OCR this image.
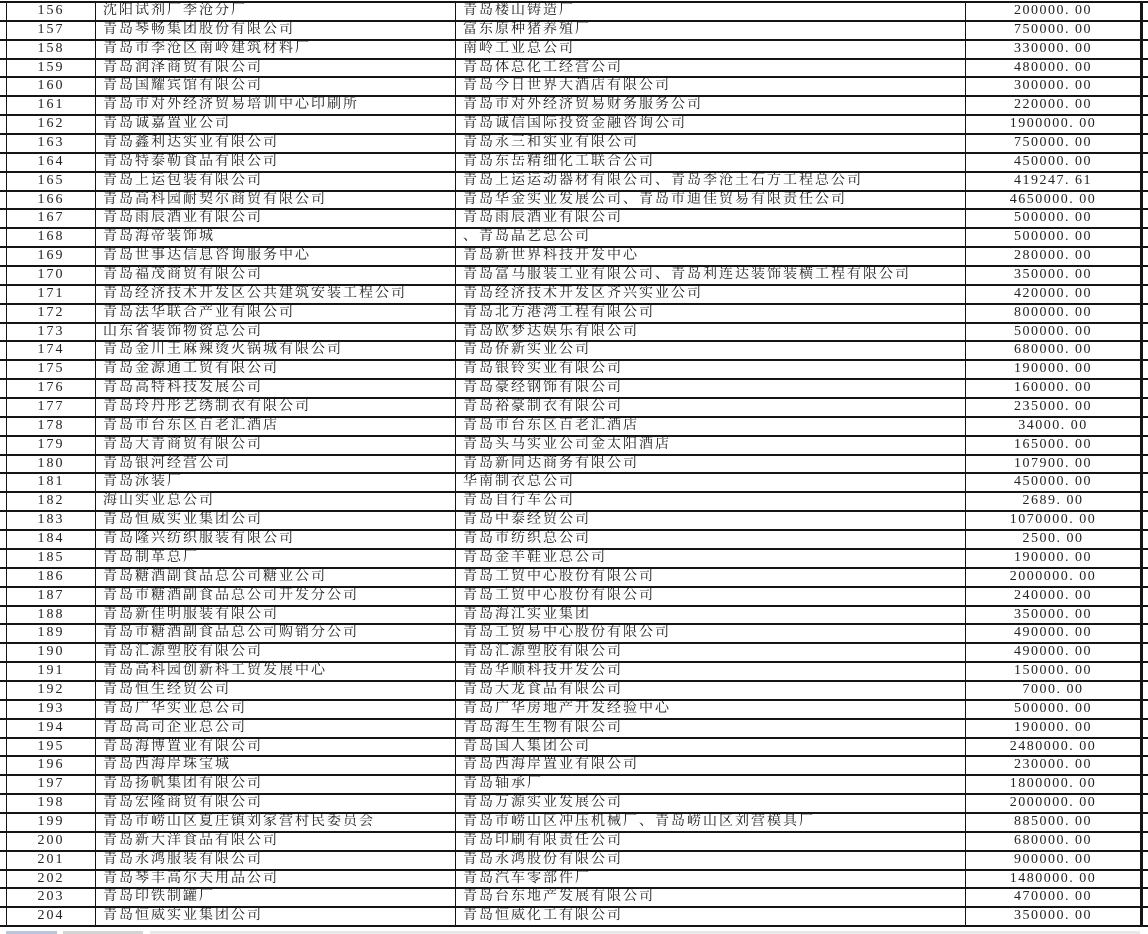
156	沈阳试剂厂李沧分厂	青岛楼山铸造厂	200000. 00
157	青岛琴畅集团股份有限公司	富东原种猪养殖厂	750000. 00
158	青岛市李沧区南岭建筑材料厂	南岭工业总公司	330000. 00
159	青岛润泽商贸有限公司	青岛体总化工经营公司	480000. 00
160	青岛国耀宾馆有限公司	青岛今日世界大酒店有限公司	300000. 00
161	青岛市对外经济贸易培训中心印刷所	青岛市对外经济贸易财务服务公司	220000. 00
162	青岛诚嘉置业公司	青岛诚信国际投资金融咨询公司	1900000. 00
163	青岛鑫利达实业有限公司	青岛永三和实业有限公司	750000. 00
164	青岛特泰勒食品有限公司	青岛东岳精细化工联合公司	450000. 00
165	青岛上运包装有限公司	青岛上运运动器材有限公司、青岛李沧土石方工程总公司	419247. 61
166	青岛高科园耐契尔商贸有限公司	青岛华金实业发展公司、青岛市迪佳贸易有限责任公司	4650000. 00
167	青岛雨辰酒业有限公司	青岛雨辰酒业有限公司	500000. 00
168	青岛海帝装饰城	、青岛晶艺总公司	500000. 00
169	青岛世事达信息咨询服务中心	青岛新世界科技开发中心	280000. 00
170	青岛福茂商贸有限公司	青岛富马服装工业有限公司、青岛利连达装饰装横工程有限公司	350000. 00
171	青岛经济技术开发区公共建筑安装工程公司	青岛经济技术开发区齐兴实业公司	420000. 00
172	青岛法华联合产业有限公司	青岛北方港湾工程有限公司	800000. 00
173	山东省装饰物资总公司	青岛欧梦达娱乐有限公司	500000. 00
174	青岛金川王麻辣烫火锅城有限公司	青岛侨新实业公司	680000. 00
175	青岛金源通工贸有限公司	青岛银铃实业有限公司	190000. 00
176	青岛高特科技发展公司	青岛豪经钢饰有限公司	160000. 00
177	青岛玲丹彤艺绣制衣有限公司	青岛裕豪制衣有限公司	235000. 00
178	青岛市台东区百老汇酒店	青岛市台东区百老汇酒店	34000. 00
179	青岛大青商贸有限公司	青岛头马实业公司金太阳酒店	165000. 00
180	青岛银河经营公司	青岛新同达商务有限公司	107900. 00
181	青岛泳装厂	华南制衣总公司	450000. 00
182	海山实业总公司	青岛自行车公司	2689. 00
183	青岛恒威实业集团公司	青岛中泰经贸公司	1070000. 00
184	青岛隆兴纺织服装有限公司	青岛市纺织总公司	2500. 00
185	青岛制革总厂	青岛金羊鞋业总公司	190000. 00
186	青岛糖酒副食品总公司糖业公司	青岛工贸中心股份有限公司	2000000. 00
187	青岛市糖酒副食品总公司开发分公司	青岛工贸中心股份有限公司	240000. 00
188	青岛新佳明服装有限公司	青岛海江实业集团	350000. 00
189	青岛市糖酒副食品总公司购销分公司	青岛工贸易中心股份有限公司	490000. 00
190	青岛汇源塑胶有限公司	青岛汇源塑胶有限公司	490000. 00
191	青岛高科园创新科工贸发展中心	青岛华顺科技开发公司	150000. 00
192	青岛恒生经贸公司	青岛大龙食品有限公司	7000. 00
193	青岛广华实业总公司	青岛广华房地产开发经验中心	500000. 00
194	青岛高司企业总公司	青岛海生生物有限公司	190000. 00
195	青岛海博置业有限公司	青岛国人集团公司	2480000. 00
196	青岛西海岸珠宝城	青岛西海岸置业有限公司	230000. 00
197	青岛扬帆集团有限公司	青岛轴承厂	1800000. 00
198	青岛宏隆商贸有限公司	青岛万源实业发展公司	2000000. 00
199	青岛市崂山区夏庄镇刘家营村民委员会	青岛市崂山区冲压机械厂、青岛崂山区刘营模具厂	885000. 00
200	青岛新大洋食品有限公司	青岛印刷有限责任公司	680000. 00
201	青岛永鸿服装有限公司	青岛永鸿股份有限公司	900000. 00
202	青岛琴丰高尔夫用品公司	青岛汽车零部件厂	1480000. 00
203	青岛印铁制罐厂	青岛台东地产发展有限公司	470000. 00
204	青岛恒威实业集团公司	青岛恒威化工有限公司	350000. 00
